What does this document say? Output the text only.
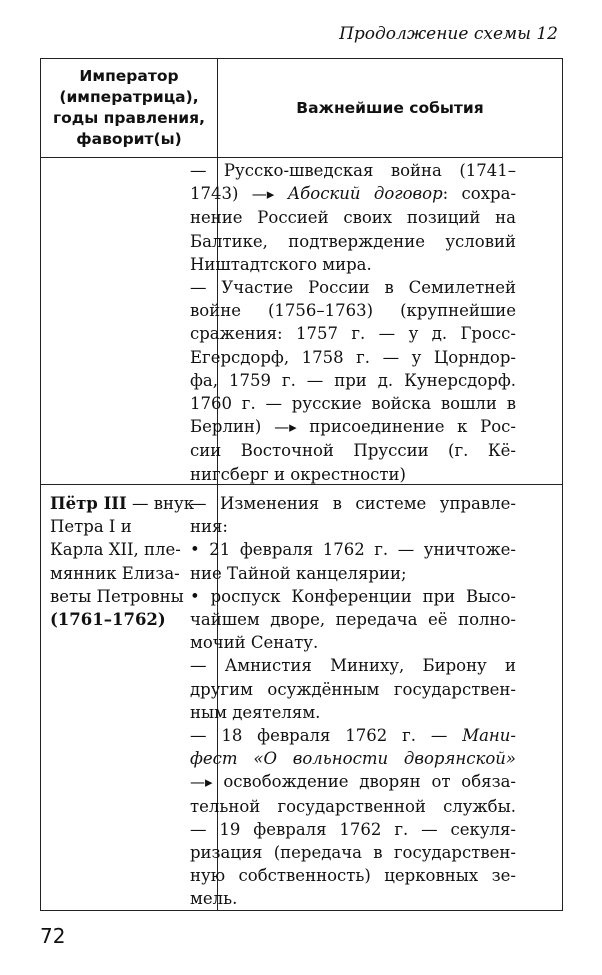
Продолжение схемы 12
Император
(императрица),
годы правления,
фаворит(ы)
Важнейшие события
— Русско-шведская война (1741–
1743) —▸ Абоский договор: сохра-
нение Россией своих позиций на
Балтике, подтверждение условий
Ништадтского мира.
— Участие России в Семилетней
войне (1756–1763) (крупнейшие
сражения: 1757 г. — у д. Гросс-
Егерсдорф, 1758 г. — у Цорндор-
фа, 1759 г. — при д. Кунерсдорф.
1760 г. — русские войска вошли в
Берлин) —▸ присоединение к Рос-
сии Восточной Пруссии (г. Кё-
нигсберг и окрестности)
Пётр III — внук
Петра I и
Карла XII, пле-
мянник Елиза-
веты Петровны
(1761–1762)
— Изменения в системе управле-
ния:
• 21 февраля 1762 г. — уничтоже-
ние Тайной канцелярии;
• роспуск Конференции при Высо-
чайшем дворе, передача её полно-
мочий Сенату.
— Амнистия Миниху, Бирону и
другим осуждённым государствен-
ным деятелям.
— 18 февраля 1762 г. — Мани-
фест «О вольности дворянской»
—▸ освобождение дворян от обяза-
тельной государственной службы.
— 19 февраля 1762 г. — секуля-
ризация (передача в государствен-
ную собственность) церковных зе-
мель.
72
